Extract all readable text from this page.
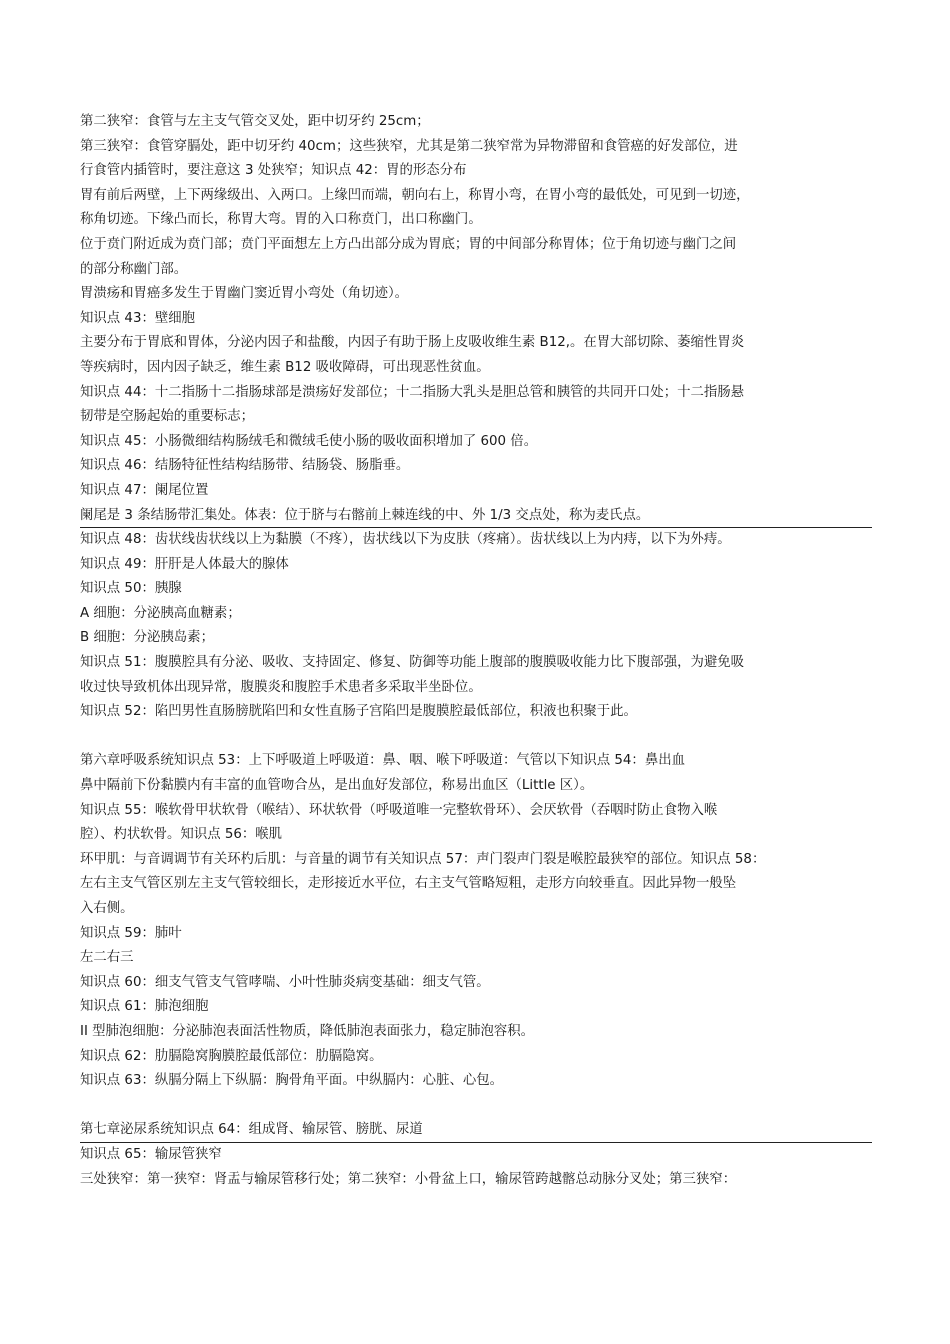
第二狭窄：食管与左主支气管交叉处，距中切牙约 25cm；
第三狭窄：食管穿膈处，距中切牙约 40cm；这些狭窄，尤其是第二狭窄常为异物滞留和食管癌的好发部位，进
行食管内插管时，要注意这 3 处狭窄；知识点 42：胃的形态分布
胃有前后两壁，上下两缘级出、入两口。上缘凹而端，朝向右上，称胃小弯，在胃小弯的最低处，可见到一切迹，
称角切迹。下缘凸而长，称胃大弯。胃的入口称贲门，出口称幽门。
位于贲门附近成为贲门部；贲门平面想左上方凸出部分成为胃底；胃的中间部分称胃体；位于角切迹与幽门之间
的部分称幽门部。
胃溃疡和胃癌多发生于胃幽门窦近胃小弯处（角切迹）。
知识点 43：壁细胞
主要分布于胃底和胃体，分泌内因子和盐酸，内因子有助于肠上皮吸收维生素 B12,。在胃大部切除、萎缩性胃炎
等疾病时，因内因子缺乏，维生素 B12 吸收障碍，可出现恶性贫血。
知识点 44：十二指肠十二指肠球部是溃疡好发部位；十二指肠大乳头是胆总管和胰管的共同开口处；十二指肠悬
韧带是空肠起始的重要标志；
知识点 45：小肠微细结构肠绒毛和微绒毛使小肠的吸收面积增加了 600 倍。
知识点 46：结肠特征性结构结肠带、结肠袋、肠脂垂。
知识点 47：阑尾位置
阑尾是 3 条结肠带汇集处。体表：位于脐与右髂前上棘连线的中、外 1/3 交点处，称为麦氏点。
知识点 48：齿状线齿状线以上为黏膜（不疼），齿状线以下为皮肤（疼痛）。齿状线以上为内痔，以下为外痔。
知识点 49：肝肝是人体最大的腺体
知识点 50：胰腺
A 细胞：分泌胰高血糖素；
B 细胞：分泌胰岛素；
知识点 51：腹膜腔具有分泌、吸收、支持固定、修复、防御等功能上腹部的腹膜吸收能力比下腹部强，为避免吸
收过快导致机体出现异常，腹膜炎和腹腔手术患者多采取半坐卧位。
知识点 52：陷凹男性直肠膀胱陷凹和女性直肠子宫陷凹是腹膜腔最低部位，积液也积聚于此。
第六章呼吸系统知识点 53：上下呼吸道上呼吸道：鼻、咽、喉下呼吸道：气管以下知识点 54：鼻出血
鼻中隔前下份黏膜内有丰富的血管吻合丛，是出血好发部位，称易出血区（Little 区）。
知识点 55：喉软骨甲状软骨（喉结）、环状软骨（呼吸道唯一完整软骨环）、会厌软骨（吞咽时防止食物入喉
腔）、杓状软骨。知识点 56：喉肌
环甲肌：与音调调节有关环杓后肌：与音量的调节有关知识点 57：声门裂声门裂是喉腔最狭窄的部位。知识点 58：
左右主支气管区别左主支气管较细长，走形接近水平位，右主支气管略短粗，走形方向较垂直。因此异物一般坠
入右侧。
知识点 59：肺叶
左二右三
知识点 60：细支气管支气管哮喘、小叶性肺炎病变基础：细支气管。
知识点 61：肺泡细胞
II 型肺泡细胞：分泌肺泡表面活性物质，降低肺泡表面张力，稳定肺泡容积。
知识点 62：肋膈隐窝胸膜腔最低部位：肋膈隐窝。
知识点 63：纵膈分隔上下纵膈：胸骨角平面。中纵膈内：心脏、心包。
第七章泌尿系统知识点 64：组成肾、输尿管、膀胱、尿道
知识点 65：输尿管狭窄
三处狭窄：第一狭窄：肾盂与输尿管移行处；第二狭窄：小骨盆上口，输尿管跨越髂总动脉分叉处；第三狭窄：
